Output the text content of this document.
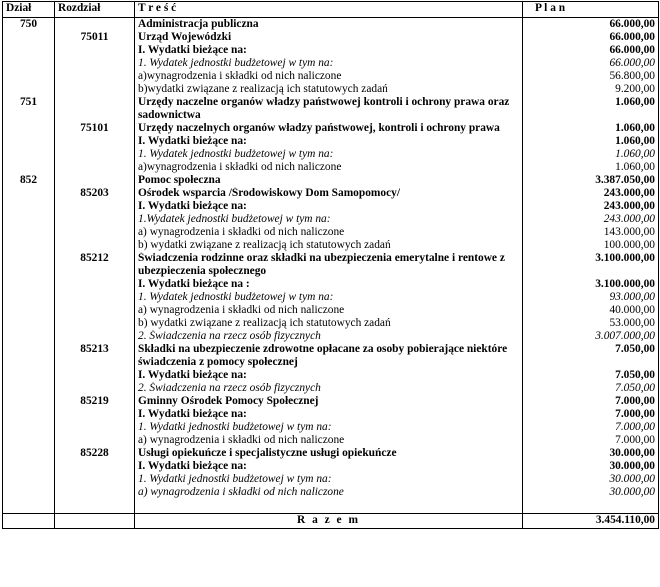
Dział	Rozdział	T r e ś ć	P l a n
750		Administracja publiczna	66.000,00
	75011	Urząd Wojewódzki	66.000,00
		I. Wydatki bieżące na:	66.000,00
		1. Wydatek jednostki budżetowej w tym na:	66.000,00
		a)wynagrodzenia i składki od nich naliczone	56.800,00
		b)wydatki związane z realizacją ich statutowych zadań	9.200,00
751		Urzędy naczelne organów władzy państwowej kontroli i ochrony prawa oraz sadownictwa	1.060,00
	75101	Urzędy naczelnych organów władzy państwowej, kontroli i ochrony prawa	1.060,00
		I. Wydatki bieżące na:	1.060,00
		1. Wydatek jednostki budżetowej w tym na:	1.060,00
		a)wynagrodzenia i składki od nich naliczone	1.060,00
852		Pomoc społeczna	3.387.050,00
	85203	Ośrodek wsparcia /Środowiskowy Dom Samopomocy/	243.000,00
		I. Wydatki bieżące na:	243.000,00
		1.Wydatek jednostki budżetowej w tym na:	243.000,00
		a) wynagrodzenia i składki od nich naliczone	143.000,00
		b) wydatki związane z realizacją ich statutowych zadań	100.000,00
	85212	Świadczenia rodzinne oraz składki na ubezpieczenia emerytalne i rentowe z ubezpieczenia społecznego	3.100.000,00
		I. Wydatki bieżące na :	3.100.000,00
		1. Wydatek jednostki budżetowej w tym na:	93.000,00
		a) wynagrodzenia i składki od nich naliczone	40.000,00
		b) wydatki związane z realizacją ich statutowych zadań	53.000,00
		2. Świadczenia na rzecz osób fizycznych	3.007.000,00
	85213	Składki na ubezpieczenie zdrowotne opłacane za osoby pobierające niektóre świadczenia z pomocy społecznej	7.050,00
		I. Wydatki bieżące na:	7.050,00
		2. Świadczenia na rzecz osób fizycznych	7.050,00
	85219	Gminny Ośrodek Pomocy Społecznej	7.000,00
		I. Wydatki bieżące na:	7.000,00
		1. Wydatki jednostki budżetowej w tym na:	7.000,00
		a) wynagrodzenia i składki od nich naliczone	7.000,00
	85228	Usługi opiekuńcze i specjalistyczne usługi opiekuńcze	30.000,00
		I. Wydatki bieżące na:	30.000,00
		1. Wydatki jednostki budżetowej w tym na:	30.000,00
		a) wynagrodzenia i składki od nich naliczone	30.000,00

		R a z e m	3.454.110,00
